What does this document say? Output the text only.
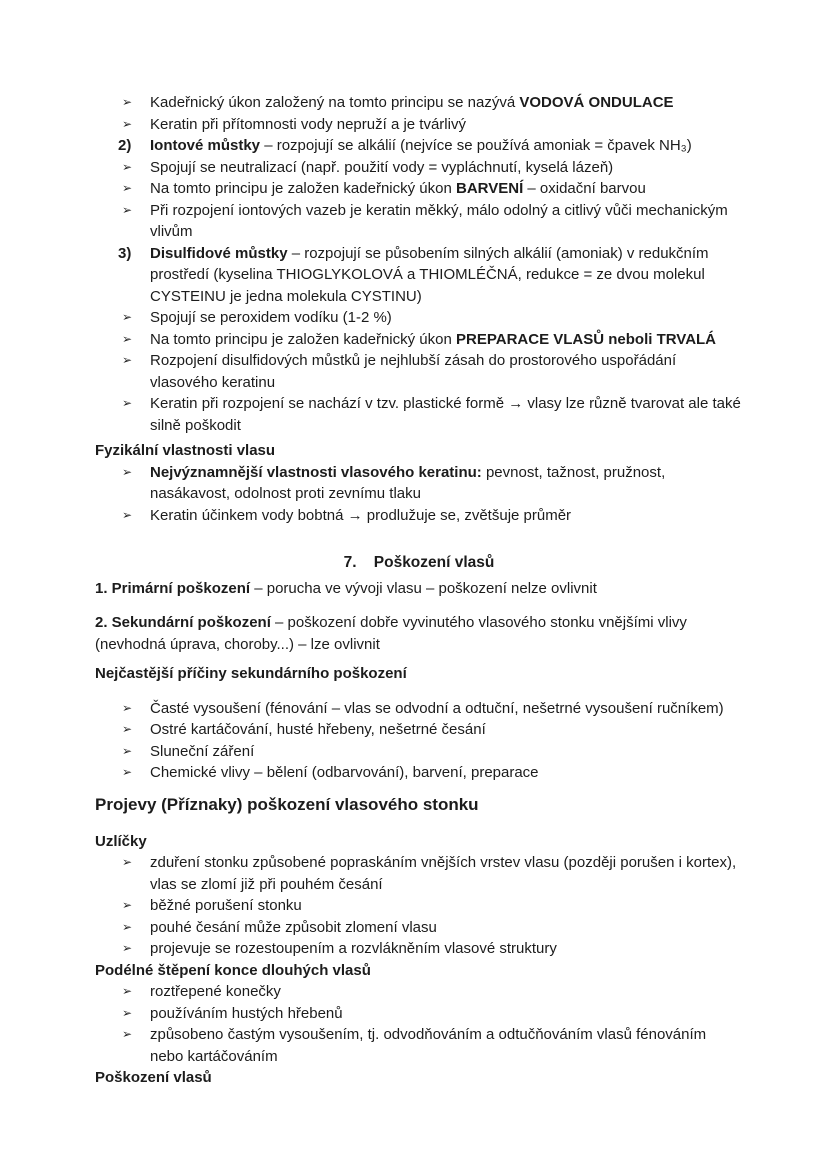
➢	Kadeřnický úkon založený na tomto principu se nazývá VODOVÁ ONDULACE
➢	Keratin při přítomnosti vody nepruží a je tvárlivý
2)	Iontové můstky – rozpojují se alkálií (nejvíce se používá amoniak = čpavek NH₃)
➢	Spojují se neutralizací (např. použití vody = vypláchnutí, kyselá lázeň)
➢	Na tomto principu je založen kadeřnický úkon BARVENÍ – oxidační barvou
➢	Při rozpojení iontových vazeb je keratin měkký, málo odolný a citlivý vůči mechanickým vlivům
3)	Disulfidové můstky – rozpojují se působením silných alkálií (amoniak) v redukčním prostředí (kyselina THIOGLYKOLOVÁ a THIOMLÉČNÁ, redukce = ze dvou molekul CYSTEINU je jedna molekula CYSTINU)
➢	Spojují se peroxidem vodíku (1-2 %)
➢	Na tomto principu je založen kadeřnický úkon PREPARACE VLASŮ neboli TRVALÁ
➢	Rozpojení disulfidových můstků je nejhlubší zásah do prostorového uspořádání vlasového keratinu
➢	Keratin při rozpojení se nachází v tzv. plastické formě → vlasy lze různě tvarovat ale také silně poškodit
Fyzikální vlastnosti vlasu
➢	Nejvýznamnější vlastnosti vlasového keratinu: pevnost, tažnost, pružnost, nasákavost, odolnost proti zevnímu tlaku
➢	Keratin účinkem vody bobtná → prodlužuje se, zvětšuje průměr
7.    Poškození vlasů
1. Primární poškození – porucha ve vývoji vlasu – poškození nelze ovlivnit
2. Sekundární poškození – poškození dobře vyvinutého vlasového stonku vnějšími vlivy (nevhodná úprava, choroby...) – lze ovlivnit
Nejčastější příčiny sekundárního poškození
➢	Časté vysoušení (fénování – vlas se odvodní a odtuční, nešetrné vysoušení ručníkem)
➢	Ostré kartáčování, husté hřebeny, nešetrné česání
➢	Sluneční záření
➢	Chemické vlivy – bělení (odbarvování), barvení, preparace
Projevy (Příznaky) poškození vlasového stonku
Uzlíčky
➢	zduření stonku způsobené popraskáním vnějších vrstev vlasu (později porušen i kortex), vlas se zlomí již při pouhém česání
➢	běžné porušení stonku
➢	pouhé česání může způsobit zlomení vlasu
➢	projevuje se rozestoupením a rozvlákněním vlasové struktury
Podélné štěpení konce dlouhých vlasů
➢	roztřepené konečky
➢	používáním hustých hřebenů
➢	způsobeno častým vysoušením, tj. odvodňováním a odtučňováním vlasů fénováním nebo kartáčováním
Poškození vlasů
